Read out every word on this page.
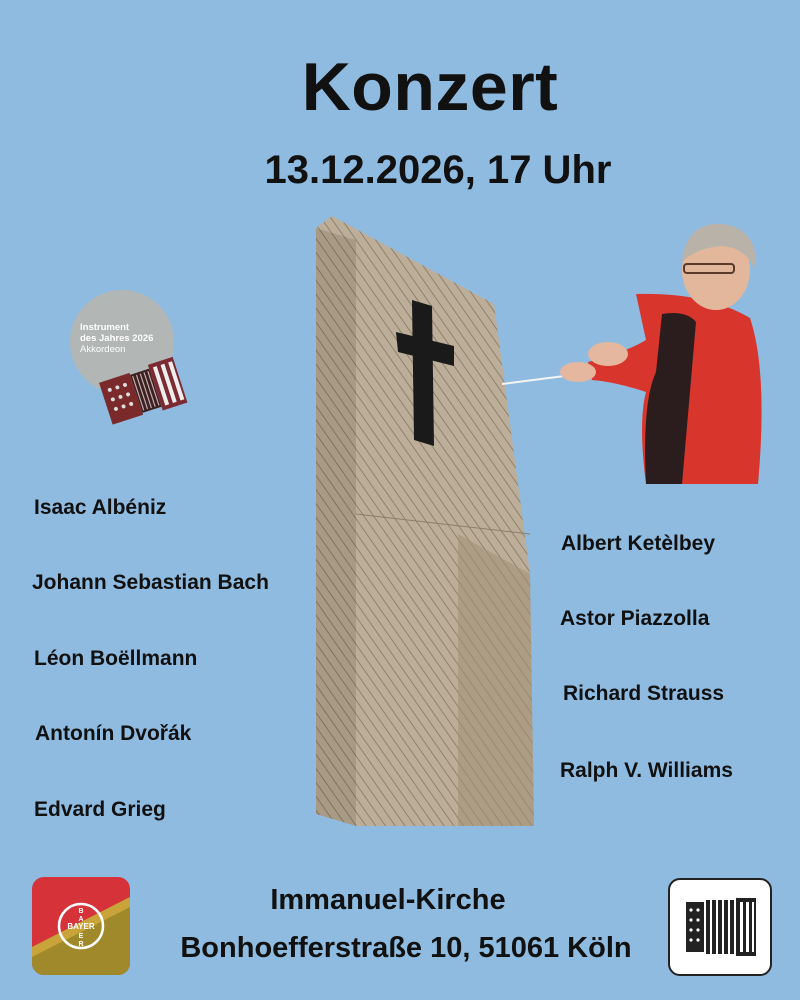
Konzert
13.12.2026, 17 Uhr
Instrument
des Jahres 2026
Akkordeon
Isaac Albéniz
Johann Sebastian Bach
Léon Boëllmann
Antonín Dvořák
Edvard Grieg
Albert Ketèlbey
Astor Piazzolla
Richard Strauss
Ralph V. Williams
Immanuel-Kirche
Bonhoefferstraße 10, 51061 Köln
BAYER
B
A
E
R
